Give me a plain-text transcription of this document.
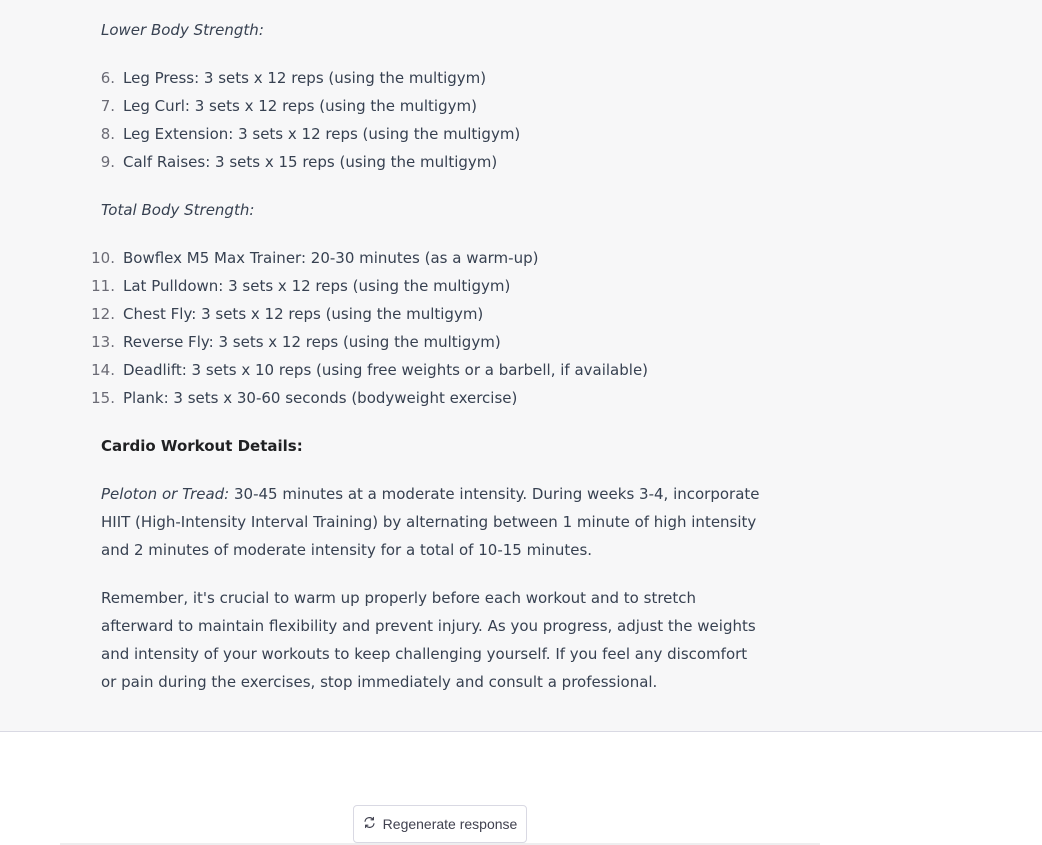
Lower Body Strength:

6. Leg Press: 3 sets x 12 reps (using the multigym)
7. Leg Curl: 3 sets x 12 reps (using the multigym)
8. Leg Extension: 3 sets x 12 reps (using the multigym)
9. Calf Raises: 3 sets x 15 reps (using the multigym)

Total Body Strength:

10. Bowflex M5 Max Trainer: 20-30 minutes (as a warm-up)
11. Lat Pulldown: 3 sets x 12 reps (using the multigym)
12. Chest Fly: 3 sets x 12 reps (using the multigym)
13. Reverse Fly: 3 sets x 12 reps (using the multigym)
14. Deadlift: 3 sets x 10 reps (using free weights or a barbell, if available)
15. Plank: 3 sets x 30-60 seconds (bodyweight exercise)

Cardio Workout Details:

Peloton or Tread: 30-45 minutes at a moderate intensity. During weeks 3-4, incorporate HIIT (High-Intensity Interval Training) by alternating between 1 minute of high intensity and 2 minutes of moderate intensity for a total of 10-15 minutes.

Remember, it's crucial to warm up properly before each workout and to stretch afterward to maintain flexibility and prevent injury. As you progress, adjust the weights and intensity of your workouts to keep challenging yourself. If you feel any discomfort or pain during the exercises, stop immediately and consult a professional.

Regenerate response
